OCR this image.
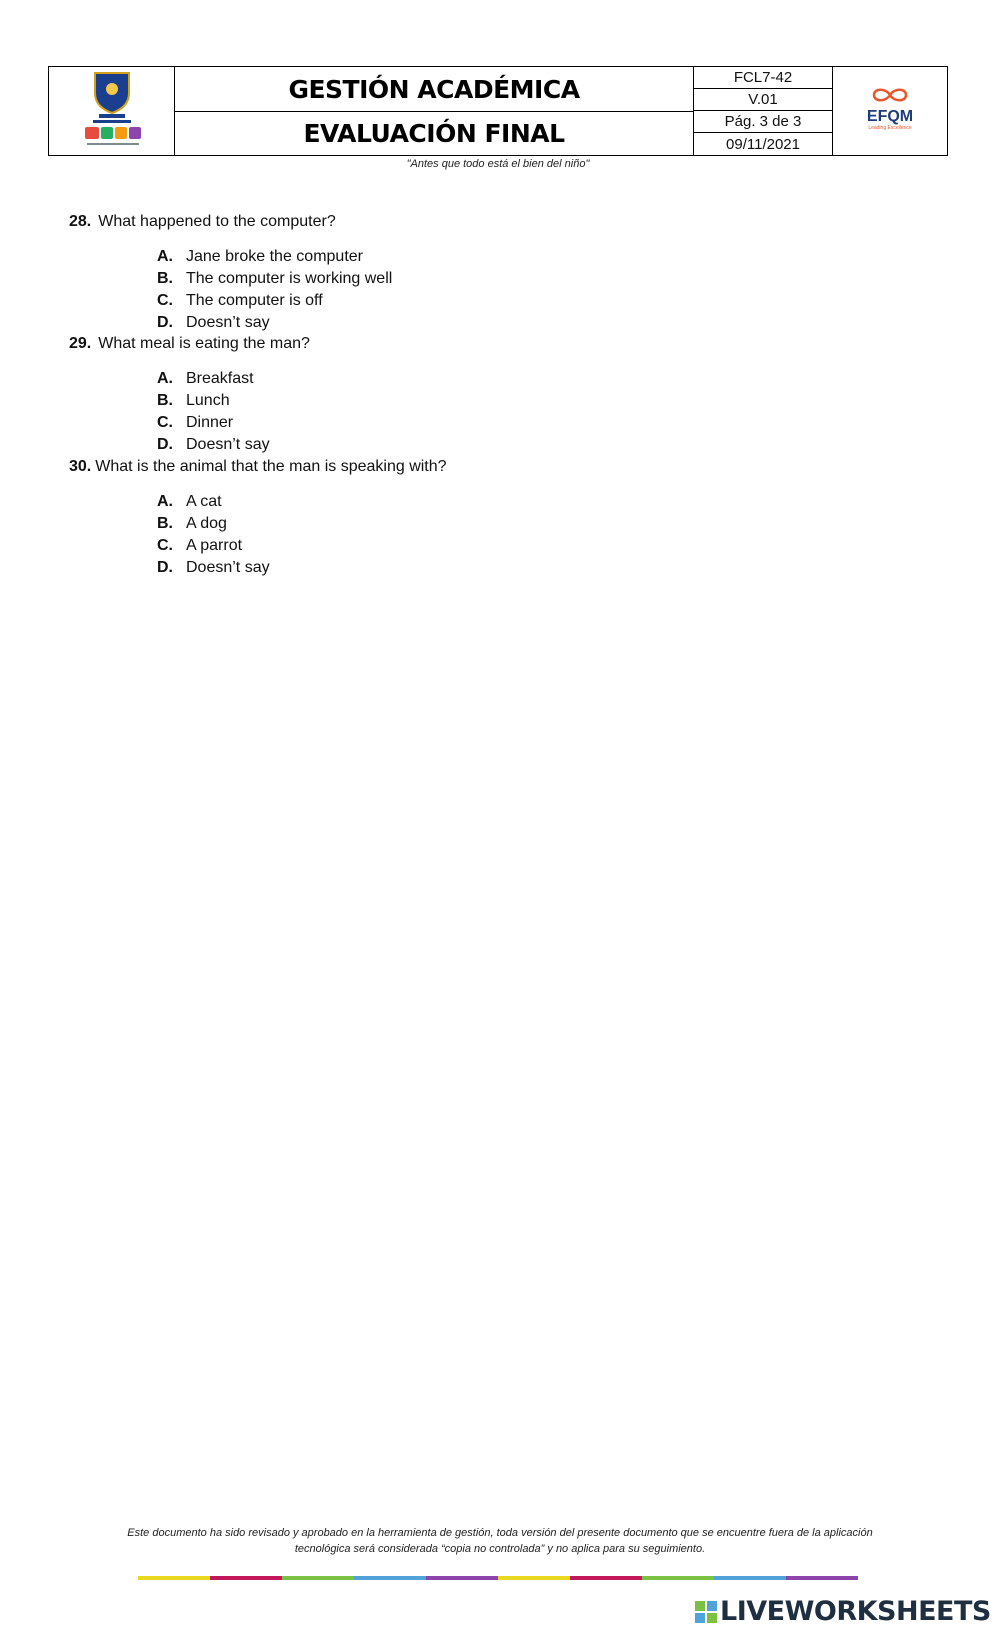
GESTIÓN ACADÉMICA
EVALUACIÓN FINAL
FCL7-42
V.01
Pág. 3 de 3
09/11/2021
EFQM
Leading Excellence
"Antes que todo está el bien del niño"
28. What happened to the computer?
A. Jane broke the computer
B. The computer is working well
C. The computer is off
D. Doesn’t say
29. What meal is eating the man?
A. Breakfast
B. Lunch
C. Dinner
D. Doesn’t say
30. What is the animal that the man is speaking with?
A. A cat
B. A dog
C. A parrot
D. Doesn’t say
Este documento ha sido revisado y aprobado en la herramienta de gestión, toda versión del presente documento que se encuentre fuera de la aplicación
tecnológica será considerada “copia no controlada” y no aplica para su seguimiento.
LIVEWORKSHEETS
